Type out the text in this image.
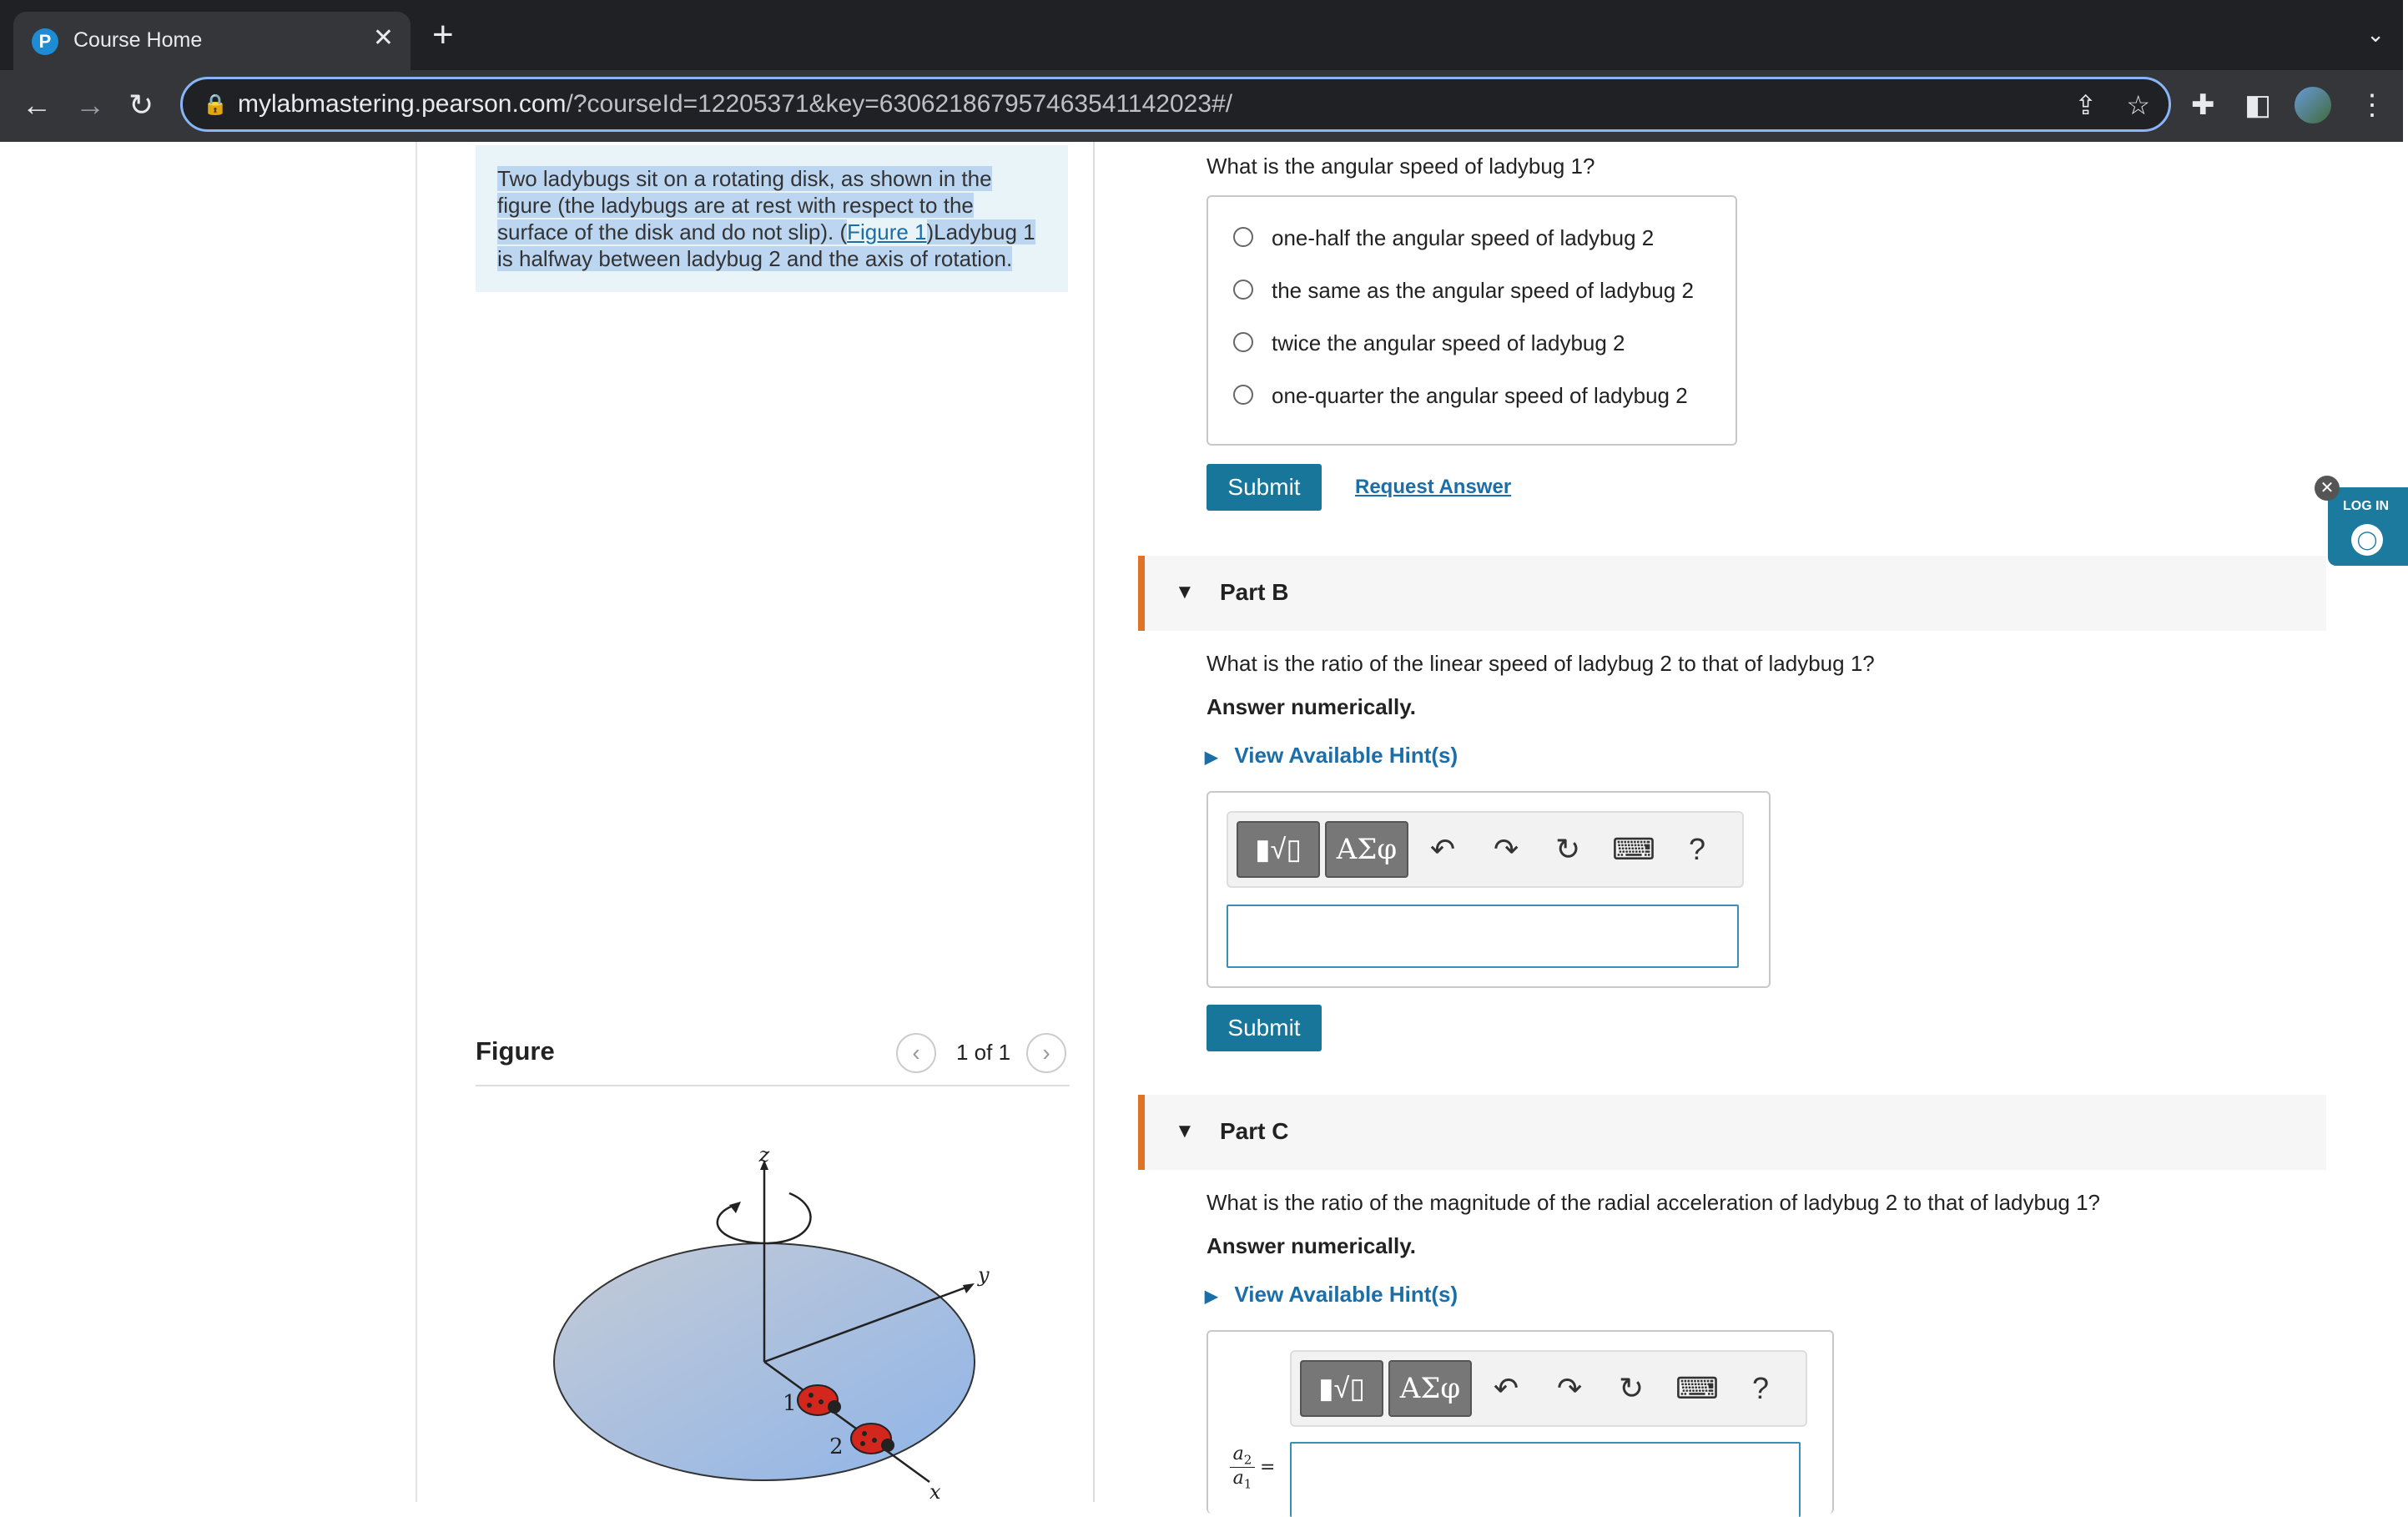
P	Course Home	✕ +	⌄
← → ↻ 🔒 mylabmastering.pearson.com/?courseId=12205371&key=630621867957463541142023#/	⇪ ☆ ✚ ◧	⋮
Two ladybugs sit on a rotating disk, as shown in the figure (the ladybugs are at rest with respect to the surface of the disk and do not slip). (Figure 1)Ladybug 1 is halfway between ladybug 2 and the axis of rotation.
Figure	‹	1 of 1	›
z
y
x
1
2
What is the angular speed of ladybug 1?
one-half the angular speed of ladybug 2
the same as the angular speed of ladybug 2
twice the angular speed of ladybug 2
one-quarter the angular speed of ladybug 2
Submit	Request Answer
▼ Part B
What is the ratio of the linear speed of ladybug 2 to that of ladybug 1?
Answer numerically.
▶ View Available Hint(s)
▮√▯	ΑΣφ	↶ ↷ ↻ ⌨ ?
Submit
▼ Part C
What is the ratio of the magnitude of the radial acceleration of ladybug 2 to that of ladybug 1?
Answer numerically.
▶ View Available Hint(s)
▮√▯	ΑΣφ	↶ ↷ ↻ ⌨ ?
$\frac{a_2}{a_1}$ =
LOG IN
◯
✕
